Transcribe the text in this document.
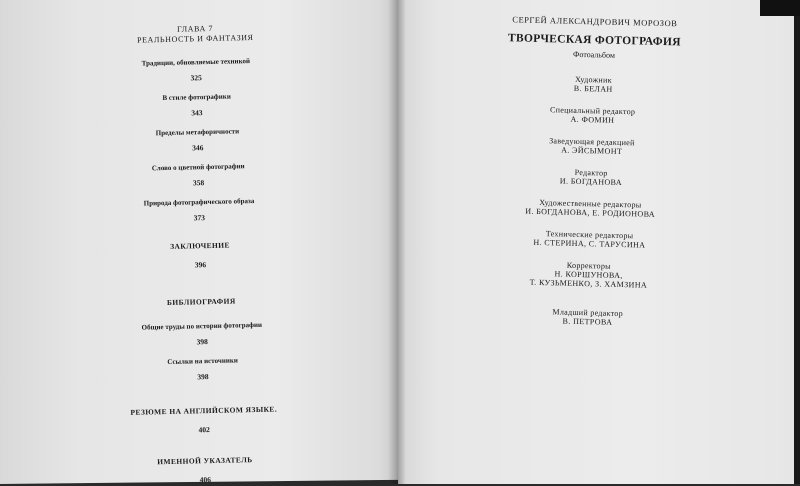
ГЛАВА 7
РЕАЛЬНОСТЬ И ФАНТАЗИЯ
Традиции, обновляемые техникой
325
В стиле фотографики
343
Пределы метафоричности
346
Слово о цветной фотографии
358
Природа фотографического образа
373
ЗАКЛЮЧЕНИЕ
396
БИБЛИОГРАФИЯ
Общие труды по истории фотографии
398
Ссылки на источники
398
РЕЗЮМЕ НА АНГЛИЙСКОМ ЯЗЫКЕ.
402
ИМЕННОЙ УКАЗАТЕЛЬ
406
СЕРГЕЙ АЛЕКСАНДРОВИЧ МОРОЗОВ
ТВОРЧЕСКАЯ ФОТОГРАФИЯ
Фотоальбом
Художник
В. БЕЛАН
Специальный редактор
А. ФОМИН
Заведующая редакцией
А. ЭЙСЫМОНТ
Редактор
И. БОГДАНОВА
Художественные редакторы
И. БОГДАНОВА, Е. РОДИОНОВА
Технические редакторы
Н. СТЕРИНА, С. ТАРУСИНА
Корректоры
Н. КОРШУНОВА,
Т. КУЗЬМЕНКО, З. ХАМЗИНА
Младший редактор
В. ПЕТРОВА
